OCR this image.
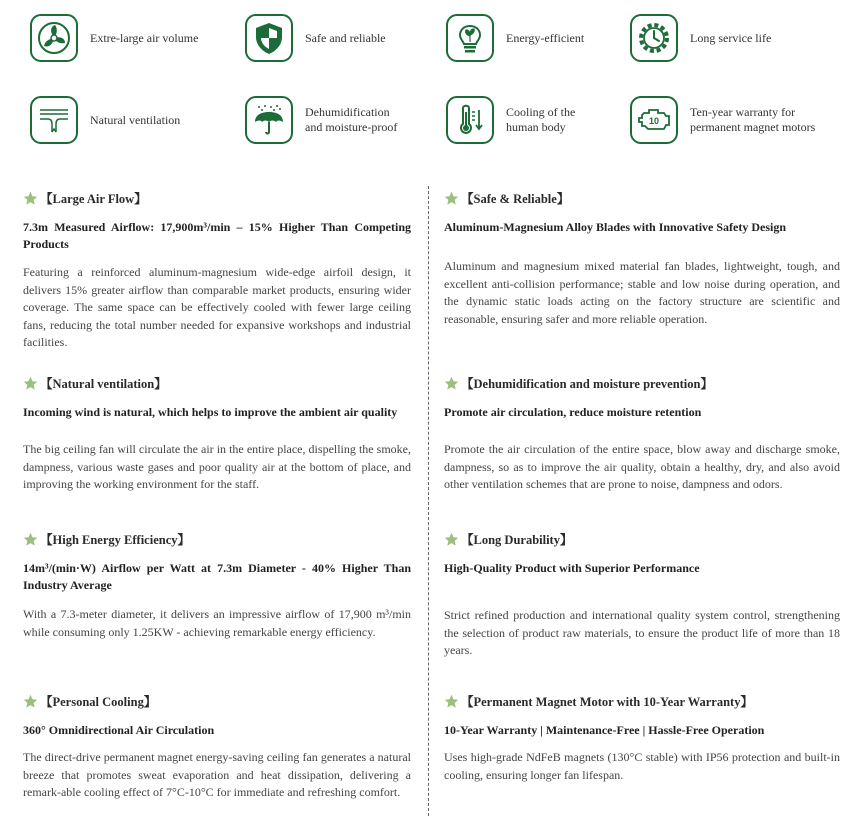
Extre-large air volume	Safe and reliable	Energy-efficient	Long service life
Natural ventilation
Dehumidification
and moisture-proof
Cooling of the
human body	10
Ten-year warranty for
permanent magnet motors
【Large Air Flow】
7.3m Measured Airflow: 17,900m³/min – 15% Higher Than Competing Products
Featuring a reinforced aluminum-magnesium wide-edge airfoil design, it delivers 15% greater airflow than comparable market products, ensuring wider coverage. The same space can be effectively cooled with fewer large ceiling fans, reducing the total number needed for expansive workshops and industrial facilities.
【Safe & Reliable】
Aluminum-Magnesium Alloy Blades with Innovative Safety Design
Aluminum and magnesium mixed material fan blades, lightweight, tough, and excellent anti-collision performance; stable and low noise during operation, and the dynamic static loads acting on the factory structure are scientific and reasonable, ensuring safer and more reliable operation.
【Natural ventilation】
Incoming wind is natural, which helps to improve the ambient air quality
The big ceiling fan will circulate the air in the entire place, dispelling the smoke, dampness, various waste gases and poor quality air at the bottom of place, and improving the working environment for the staff.
【Dehumidification and moisture prevention】
Promote air circulation, reduce moisture retention
Promote the air circulation of the entire space, blow away and discharge smoke, dampness, so as to improve the air quality, obtain a healthy, dry, and also avoid other ventilation schemes that are prone to noise, dampness and odors.
【High Energy Efficiency】
14m³/(min·W) Airflow per Watt at 7.3m Diameter - 40% Higher Than Industry Average
With a 7.3-meter diameter, it delivers an impressive airflow of 17,900 m³/min while consuming only 1.25KW - achieving remarkable energy efficiency.
【Long Durability】
High-Quality Product with Superior Performance
Strict refined production and international quality system control, strengthening the selection of product raw materials, to ensure the product life of more than 18 years.
【Personal Cooling】
360° Omnidirectional Air Circulation
The direct-drive permanent magnet energy-saving ceiling fan generates a natural breeze that promotes sweat evaporation and heat dissipation, delivering a remark-able cooling effect of 7°C-10°C for immediate and refreshing comfort.
【Permanent Magnet Motor with 10-Year Warranty】
10-Year Warranty | Maintenance-Free | Hassle-Free Operation
Uses high-grade NdFeB magnets (130°C stable) with IP56 protection and built-in cooling, ensuring longer fan lifespan.
